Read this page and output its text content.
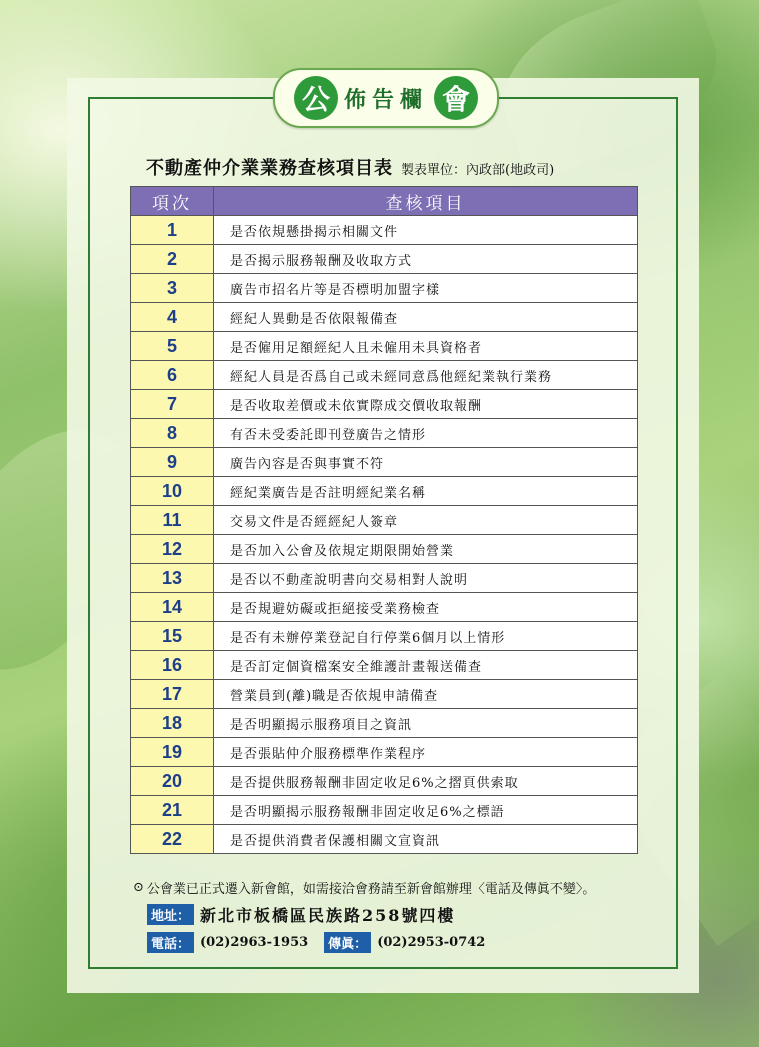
公 佈告欄 會
不動產仲介業業務查核項目表 製表單位：內政部(地政司)
項次	查核項目
1	是否依規懸掛揭示相關文件
2	是否揭示服務報酬及收取方式
3	廣告市招名片等是否標明加盟字樣
4	經紀人異動是否依限報備查
5	是否僱用足額經紀人且未僱用未具資格者
6	經紀人員是否爲自己或未經同意爲他經紀業執行業務
7	是否收取差價或未依實際成交價收取報酬
8	有否未受委託即刊登廣告之情形
9	廣告內容是否與事實不符
10	經紀業廣告是否註明經紀業名稱
11	交易文件是否經經紀人簽章
12	是否加入公會及依規定期限開始營業
13	是否以不動產說明書向交易相對人說明
14	是否規避妨礙或拒絕接受業務檢查
15	是否有未辦停業登記自行停業6個月以上情形
16	是否訂定個資檔案安全維護計畫報送備查
17	營業員到(離)職是否依規申請備查
18	是否明顯揭示服務項目之資訊
19	是否張貼仲介服務標準作業程序
20	是否提供服務報酬非固定收足6%之摺頁供索取
21	是否明顯揭示服務報酬非固定收足6%之標語
22	是否提供消費者保護相關文宣資訊
⊙ 公會業已正式遷入新會館，如需接洽會務請至新會館辦理〈電話及傳眞不變〉。
地址： 新北市板橋區民族路258號四樓
電話： (02)2963-1953	傳眞： (02)2953-0742
